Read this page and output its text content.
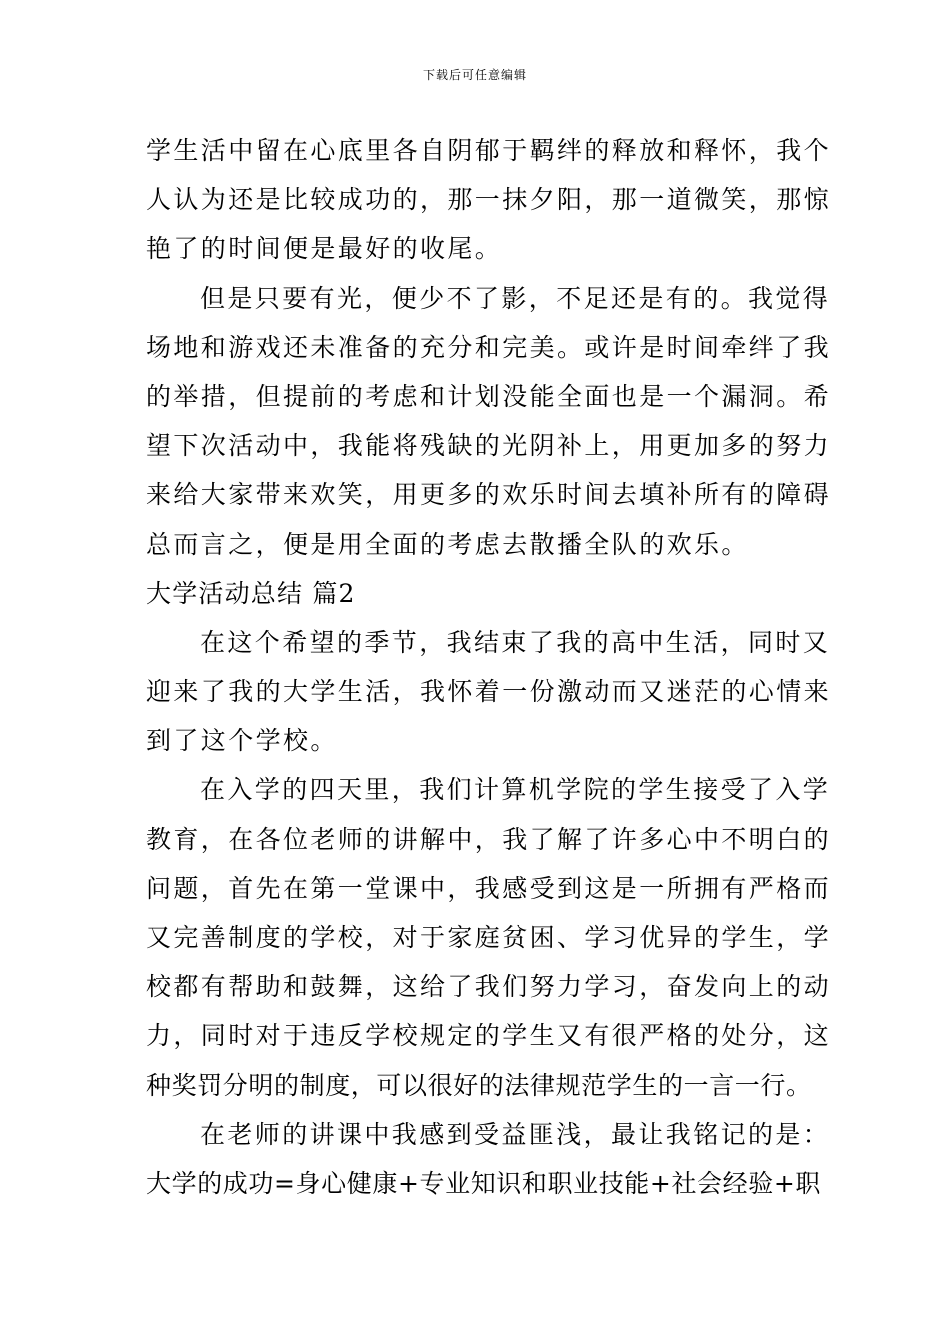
下载后可任意编辑
学生活中留在心底里各自阴郁于羁绊的释放和释怀，我个
人认为还是比较成功的，那一抹夕阳，那一道微笑，那惊
艳了的时间便是最好的收尾。
但是只要有光，便少不了影，不足还是有的。我觉得
场地和游戏还未准备的充分和完美。或许是时间牵绊了我
的举措，但提前的考虑和计划没能全面也是一个漏洞。希
望下次活动中，我能将残缺的光阴补上，用更加多的努力
来给大家带来欢笑，用更多的欢乐时间去填补所有的障碍
总而言之，便是用全面的考虑去散播全队的欢乐。
大学活动总结 篇2
在这个希望的季节，我结束了我的高中生活，同时又
迎来了我的大学生活，我怀着一份激动而又迷茫的心情来
到了这个学校。
在入学的四天里，我们计算机学院的学生接受了入学
教育，在各位老师的讲解中，我了解了许多心中不明白的
问题，首先在第一堂课中，我感受到这是一所拥有严格而
又完善制度的学校，对于家庭贫困、学习优异的学生，学
校都有帮助和鼓舞，这给了我们努力学习，奋发向上的动
力，同时对于违反学校规定的学生又有很严格的处分，这
种奖罚分明的制度，可以很好的法律规范学生的一言一行。
在老师的讲课中我感到受益匪浅，最让我铭记的是：
大学的成功=身心健康+专业知识和职业技能+社会经验+职
